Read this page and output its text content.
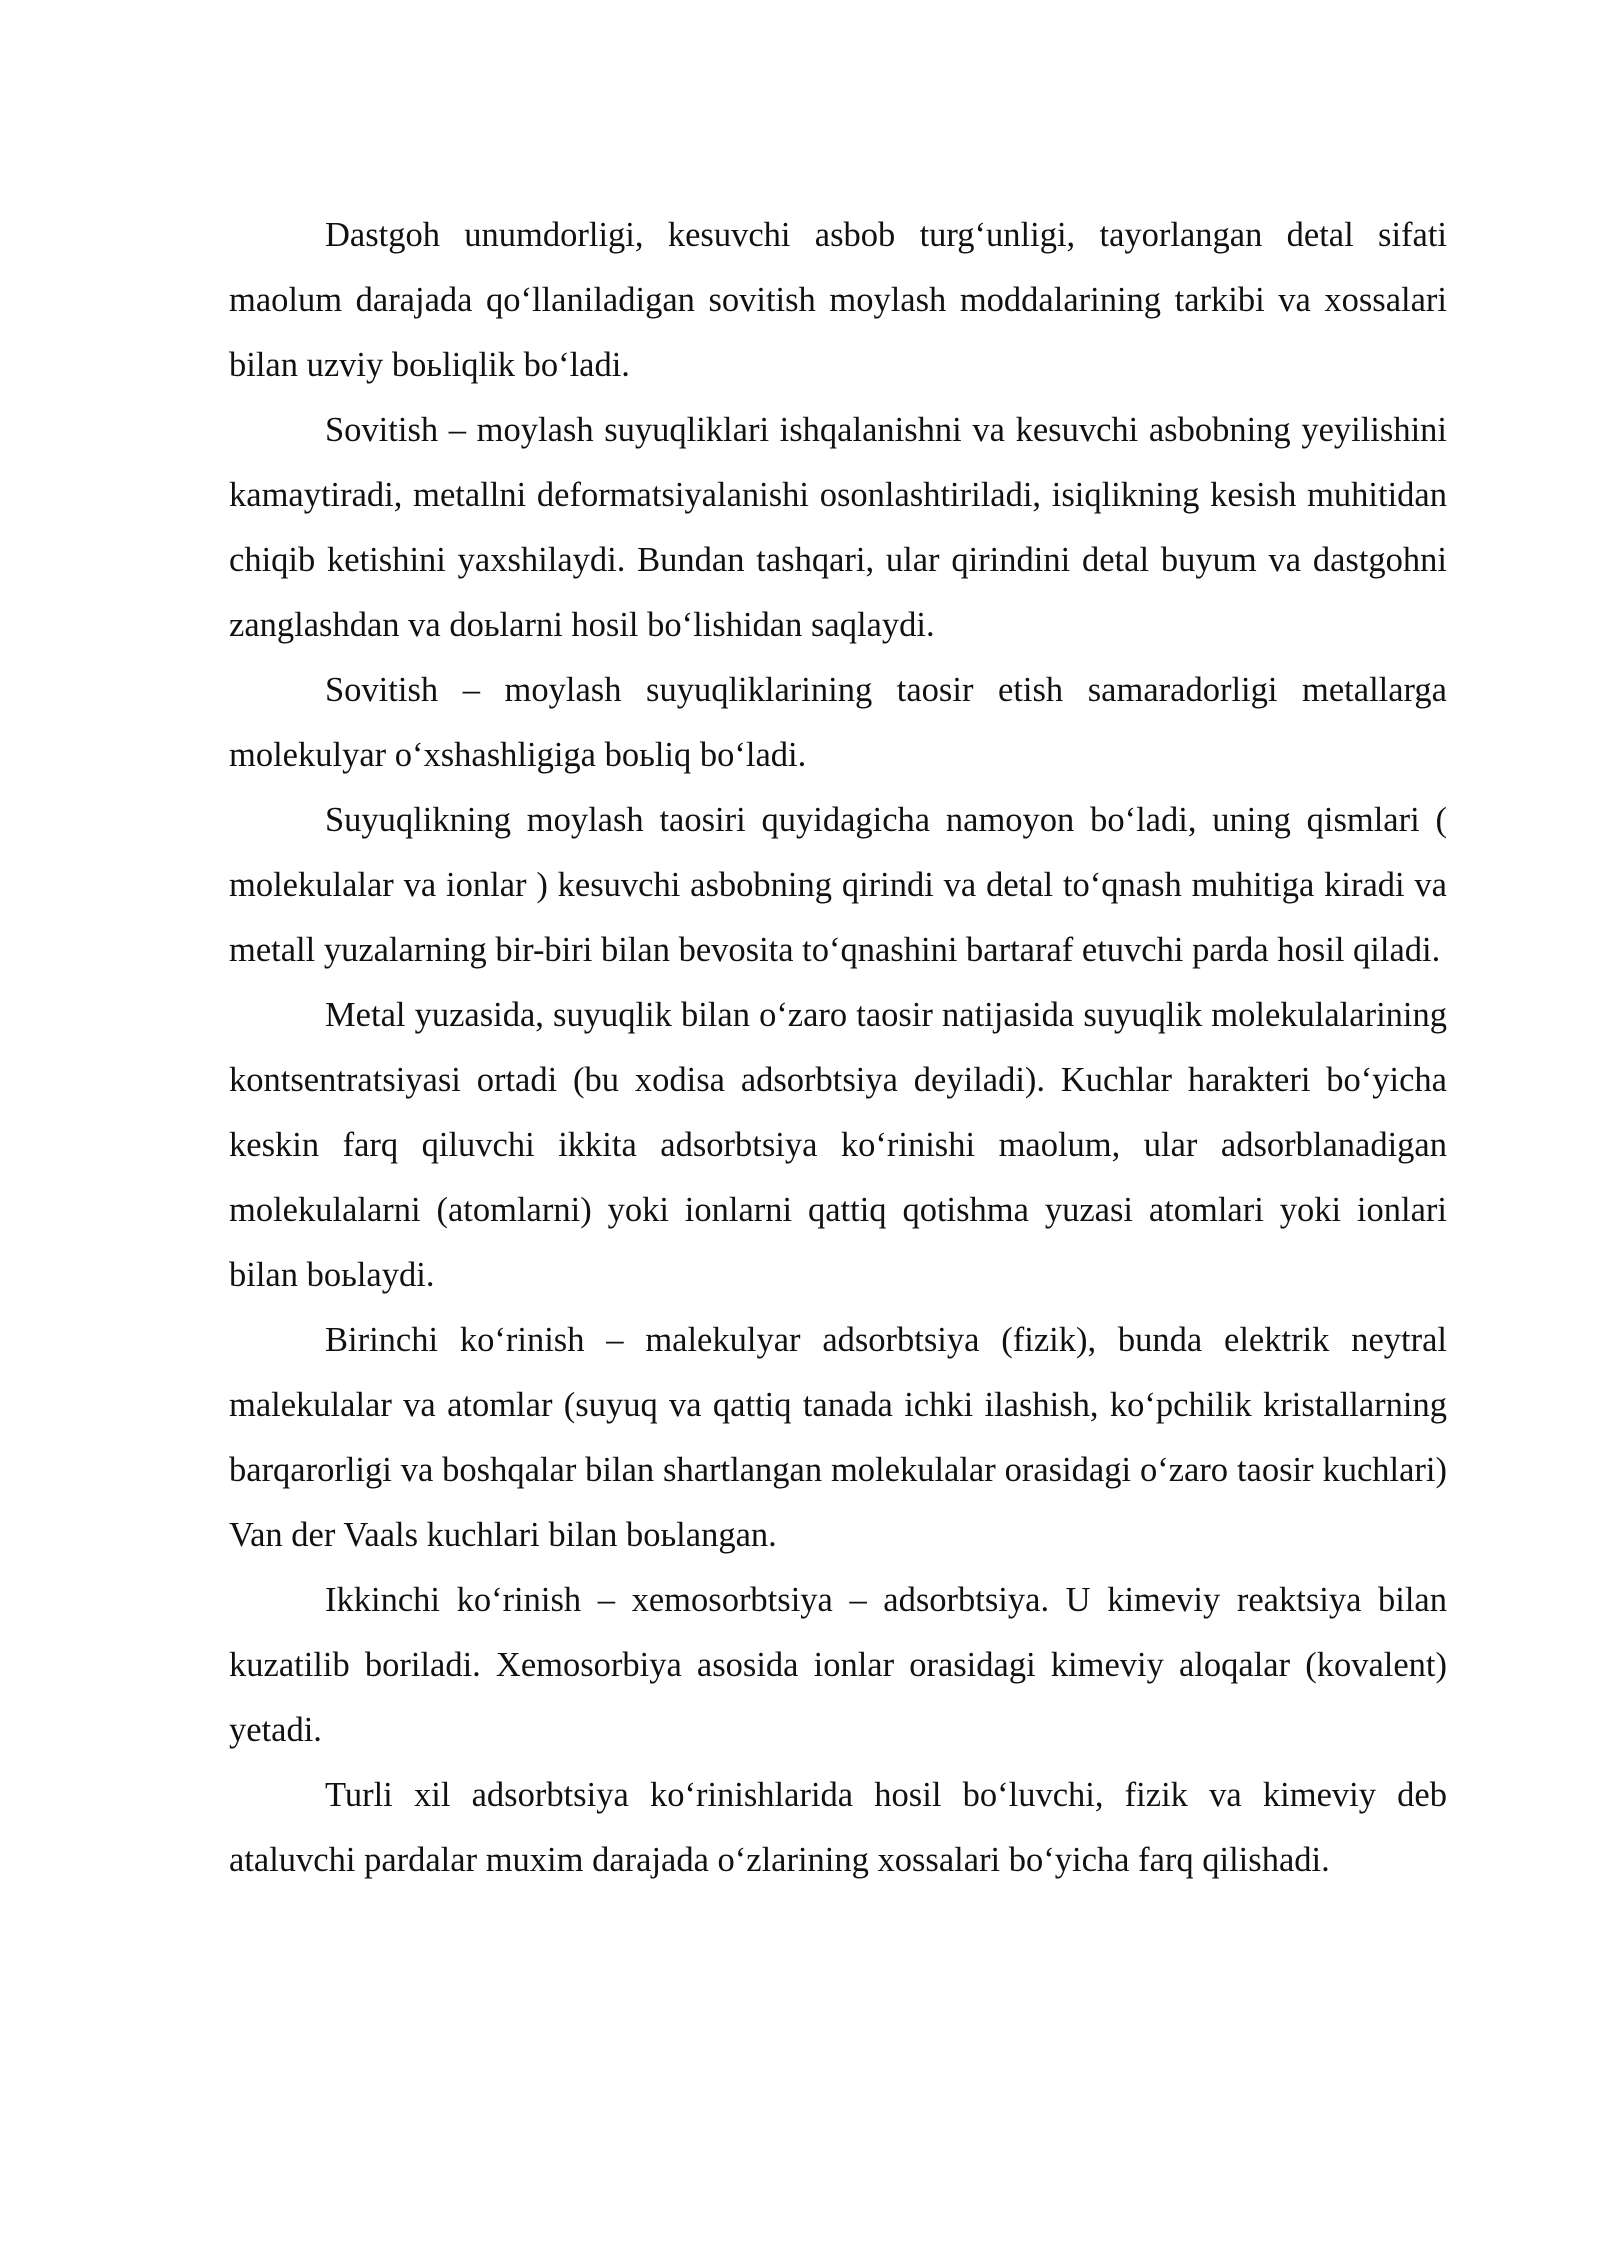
Dastgoh unumdorligi, kesuvchi asbob turg‘unligi, tayorlangan detal sifati maolum darajada qo‘llaniladigan sovitish moylash moddalarining tarkibi va xossalari bilan uzviy boьliqlik bo‘ladi.

Sovitish – moylash suyuqliklari ishqalanishni va kesuvchi asbobning yeyilishini kamaytiradi, metallni deformatsiyalanishi osonlashtiriladi, isiqlikning kesish muhitidan chiqib ketishini yaxshilaydi. Bundan tashqari, ular qirindini detal buyum va dastgohni zanglashdan va doьlarni hosil bo‘lishidan saqlaydi.

Sovitish – moylash suyuqliklarining taosir etish samaradorligi metallarga molekulyar o‘xshashligiga boьliq bo‘ladi.

Suyuqlikning moylash taosiri quyidagicha namoyon bo‘ladi, uning qismlari ( molekulalar va ionlar ) kesuvchi asbobning qirindi va detal to‘qnash muhitiga kiradi va metall yuzalarning bir-biri bilan bevosita to‘qnashini bartaraf etuvchi parda hosil qiladi.

Metal yuzasida, suyuqlik bilan o‘zaro taosir natijasida suyuqlik molekulalarining kontsentratsiyasi ortadi (bu xodisa adsorbtsiya deyiladi). Kuchlar harakteri bo‘yicha keskin farq qiluvchi ikkita adsorbtsiya ko‘rinishi maolum, ular adsorblanadigan molekulalarni (atomlarni) yoki ionlarni qattiq qotishma yuzasi atomlari yoki ionlari bilan boьlaydi.

Birinchi ko‘rinish – malekulyar adsorbtsiya (fizik), bunda elektrik neytral malekulalar va atomlar (suyuq va qattiq tanada ichki ilashish, ko‘pchilik kristallarning barqarorligi va boshqalar bilan shartlangan molekulalar orasidagi o‘zaro taosir kuchlari) Van der Vaals kuchlari bilan boьlangan.

Ikkinchi ko‘rinish – xemosorbtsiya – adsorbtsiya. U kimeviy reaktsiya bilan kuzatilib boriladi. Xemosorbiya asosida ionlar orasidagi kimeviy aloqalar (kovalent) yetadi.

Turli xil adsorbtsiya ko‘rinishlarida hosil bo‘luvchi, fizik va kimeviy deb ataluvchi pardalar muxim darajada o‘zlarining xossalari bo‘yicha farq qilishadi.
